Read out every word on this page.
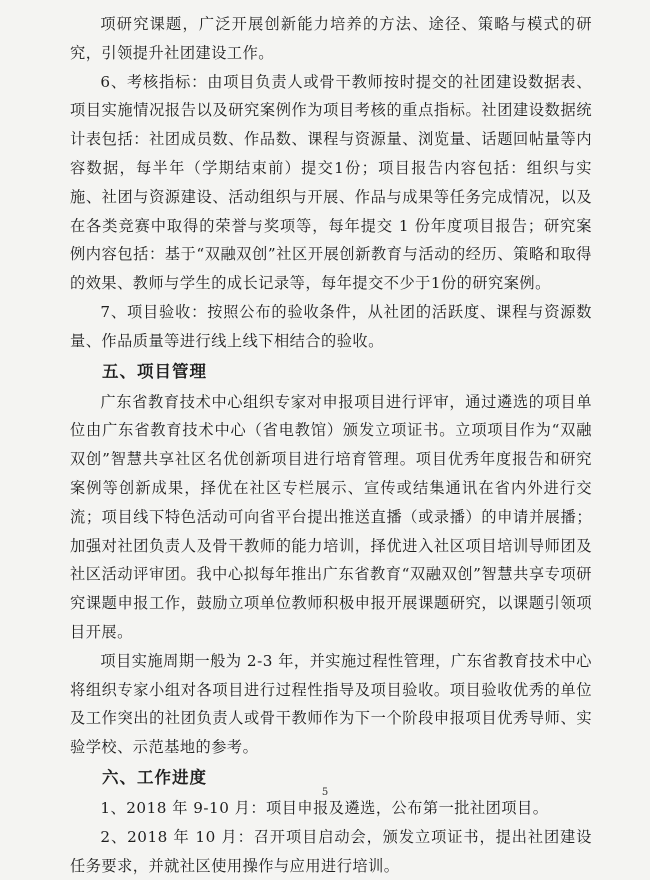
项研究课题，广泛开展创新能力培养的方法、途径、策略与模式的研究，引领提升社团建设工作。

6、考核指标：由项目负责人或骨干教师按时提交的社团建设数据表、项目实施情况报告以及研究案例作为项目考核的重点指标。社团建设数据统计表包括：社团成员数、作品数、课程与资源量、浏览量、话题回帖量等内容数据，每半年（学期结束前）提交1份；项目报告内容包括：组织与实施、社团与资源建设、活动组织与开展、作品与成果等任务完成情况，以及在各类竞赛中取得的荣誉与奖项等，每年提交 1 份年度项目报告；研究案例内容包括：基于“双融双创”社区开展创新教育与活动的经历、策略和取得的效果、教师与学生的成长记录等，每年提交不少于1份的研究案例。

7、项目验收：按照公布的验收条件，从社团的活跃度、课程与资源数量、作品质量等进行线上线下相结合的验收。

五、项目管理

广东省教育技术中心组织专家对申报项目进行评审，通过遴选的项目单位由广东省教育技术中心（省电教馆）颁发立项证书。立项项目作为“双融双创”智慧共享社区名优创新项目进行培育管理。项目优秀年度报告和研究案例等创新成果，择优在社区专栏展示、宣传或结集通讯在省内外进行交流；项目线下特色活动可向省平台提出推送直播（或录播）的申请并展播；加强对社团负责人及骨干教师的能力培训，择优进入社区项目培训导师团及社区活动评审团。我中心拟每年推出广东省教育“双融双创”智慧共享专项研究课题申报工作，鼓励立项单位教师积极申报开展课题研究，以课题引领项目开展。

项目实施周期一般为 2-3 年，并实施过程性管理，广东省教育技术中心将组织专家小组对各项目进行过程性指导及项目验收。项目验收优秀的单位及工作突出的社团负责人或骨干教师作为下一个阶段申报项目优秀导师、实验学校、示范基地的参考。

六、工作进度

1、2018 年 9-10 月：项目申报及遴选，公布第一批社团项目。

2、2018 年 10 月：召开项目启动会，颁发立项证书，提出社团建设任务要求，并就社区使用操作与应用进行培训。

5
